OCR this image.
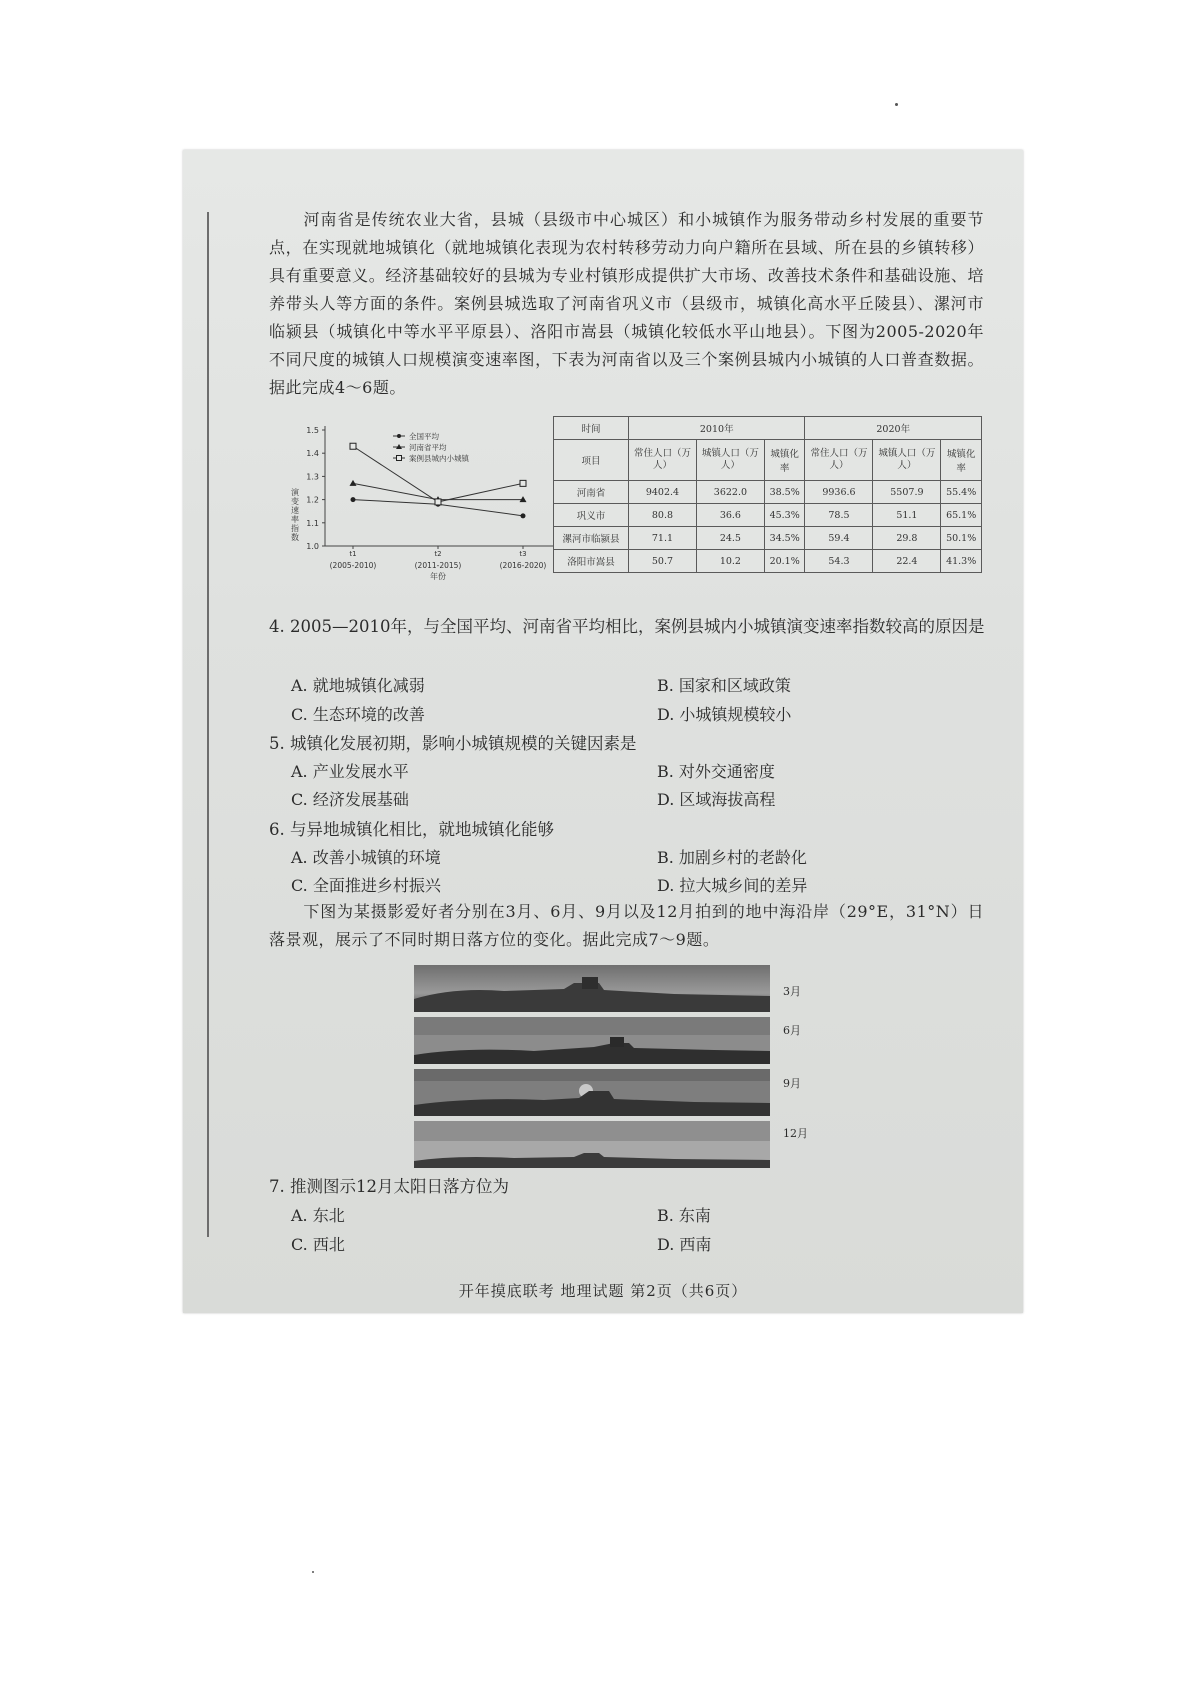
河南省是传统农业大省，县城（县级市中心城区）和小城镇作为服务带动乡村发展的重要节点，在实现就地城镇化（就地城镇化表现为农村转移劳动力向户籍所在县域、所在县的乡镇转移）具有重要意义。经济基础较好的县城为专业村镇形成提供扩大市场、改善技术条件和基础设施、培养带头人等方面的条件。案例县城选取了河南省巩义市（县级市，城镇化高水平丘陵县）、漯河市临颍县（城镇化中等水平平原县）、洛阳市嵩县（城镇化较低水平山地县）。下图为2005-2020年不同尺度的城镇人口规模演变速率图，下表为河南省以及三个案例县城内小城镇的人口普查数据。据此完成4～6题。
1.5
1.4
1.3
1.2
1.1
1.0
演变速率指数
t1
(2005-2010)
t2
(2011-2015)
t3
(2016-2020)
年份
全国平均
河南省平均
案例县城内小城镇
时间	2010年			2020年		
项目	常住人口（万人）	城镇人口（万人）	城镇化率	常住人口（万人）	城镇人口（万人）	城镇化率
河南省	9402.4	3622.0	38.5%	9936.6	5507.9	55.4%
巩义市	80.8	36.6	45.3%	78.5	51.1	65.1%
漯河市临颍县	71.1	24.5	34.5%	59.4	29.8	50.1%
洛阳市嵩县	50.7	10.2	20.1%	54.3	22.4	41.3%
4. 2005—2010年，与全国平均、河南省平均相比，案例县城内小城镇演变速率指数较高的原因是
A. 就地城镇化减弱	B. 国家和区域政策
C. 生态环境的改善	D. 小城镇规模较小
5. 城镇化发展初期，影响小城镇规模的关键因素是
A. 产业发展水平	B. 对外交通密度
C. 经济发展基础	D. 区域海拔高程
6. 与异地城镇化相比，就地城镇化能够
A. 改善小城镇的环境	B. 加剧乡村的老龄化
C. 全面推进乡村振兴	D. 拉大城乡间的差异
下图为某摄影爱好者分别在3月、6月、9月以及12月拍到的地中海沿岸（29°E，31°N）日落景观，展示了不同时期日落方位的变化。据此完成7～9题。
3月
6月
9月
12月
7. 推测图示12月太阳日落方位为
A. 东北	B. 东南
C. 西北	D. 西南
开年摸底联考 地理试题 第2页（共6页）
